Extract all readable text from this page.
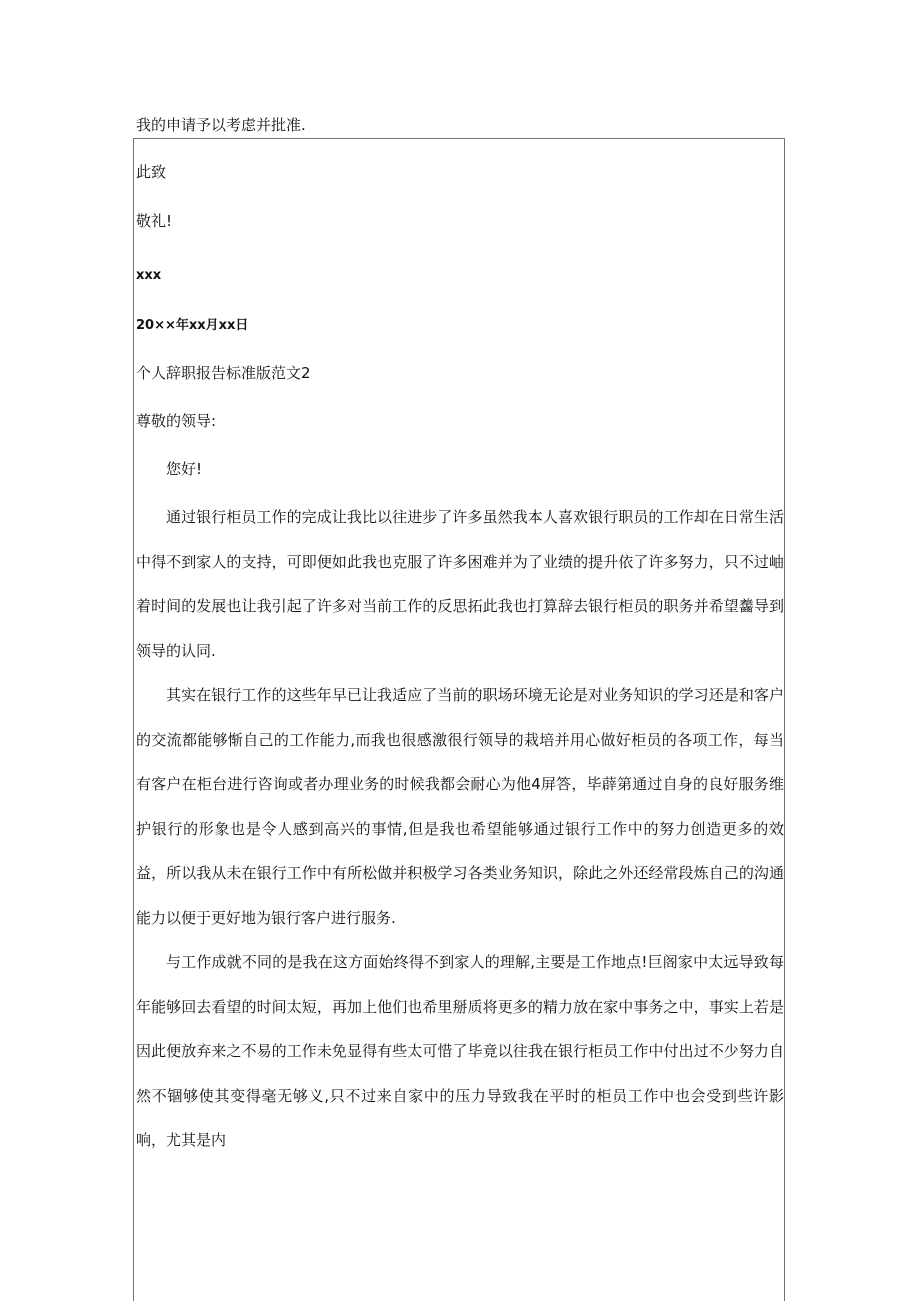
我的申请予以考虑并批准.
此致
敬礼!
xxx
20××年xx月xx日
个人辞职报告标准版范文2
尊敬的领导:
您好!

通过银行柜员工作的完成让我比以往进步了许多虽然我本人喜欢银行职员的工作却在日常生活中得不到家人的支持，可即便如此我也克服了许多困难并为了业绩的提升依了许多努力，只不过岫着时间的发展也让我引起了许多对当前工作的反思拓此我也打算辞去银行柜员的职务并希望齹导到领导的认同.

其实在银行工作的这些年早已让我适应了当前的职场环境无论是对业务知识的学习还是和客户的交流都能够惭自己的工作能力,而我也很感激很行领导的栽培并用心做好柜员的各项工作，每当有客户在柜台进行咨询或者办理业务的时候我都会耐心为他4屏答，毕薜第通过自身的良好服务维护银行的形象也是令人感到高兴的事情,但是我也希望能够通过银行工作中的努力创造更多的效益，所以我从未在银行工作中有所松做并积极学习各类业务知识，除此之外还经常段炼自己的沟通能力以便于更好地为银行客户进行服务.

与工作成就不同的是我在这方面始终得不到家人的理解,主要是工作地点!巨阁家中太远导致每年能够回去看望的时间太短，再加上他们也希里掰质将更多的精力放在家中事务之中，事实上若是因此便放弃来之不易的工作未免显得有些太可惜了毕竟以往我在银行柜员工作中付出过不少努力自然不锢够使其变得毫无够义,只不过来自家中的压力导致我在平时的柜员工作中也会受到些许影响，尤其是内
